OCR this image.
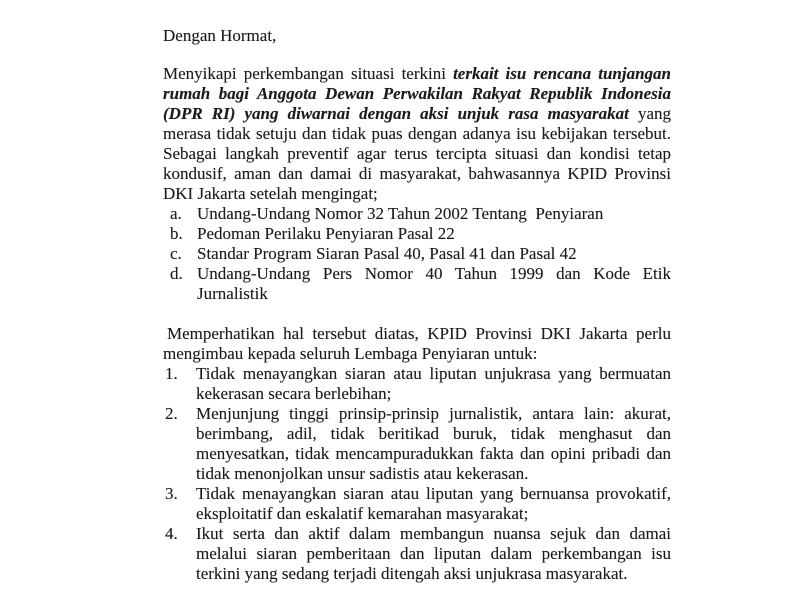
Dengan Hormat,

Menyikapi perkembangan situasi terkini terkait isu rencana tunjangan rumah bagi Anggota Dewan Perwakilan Rakyat Republik Indonesia (DPR RI) yang diwarnai dengan aksi unjuk rasa masyarakat yang merasa tidak setuju dan tidak puas dengan adanya isu kebijakan tersebut. Sebagai langkah preventif agar terus tercipta situasi dan kondisi tetap kondusif, aman dan damai di masyarakat, bahwasannya KPID Provinsi DKI Jakarta setelah mengingat;

a. Undang-Undang Nomor 32 Tahun 2002 Tentang  Penyiaran
b. Pedoman Perilaku Penyiaran Pasal 22
c. Standar Program Siaran Pasal 40, Pasal 41 dan Pasal 42
d. Undang-Undang Pers Nomor 40 Tahun 1999 dan Kode Etik Jurnalistik

Memperhatikan hal tersebut diatas, KPID Provinsi DKI Jakarta perlu mengimbau kepada seluruh Lembaga Penyiaran untuk:

1.	Tidak menayangkan siaran atau liputan unjukrasa yang bermuatan kekerasan secara berlebihan;
2.	Menjunjung tinggi prinsip-prinsip jurnalistik, antara lain: akurat, berimbang, adil, tidak beritikad buruk, tidak menghasut dan menyesatkan, tidak mencampuradukkan fakta dan opini pribadi dan tidak menonjolkan unsur sadistis atau kekerasan.
3.	Tidak menayangkan siaran atau liputan yang bernuansa provokatif, eksploitatif dan eskalatif kemarahan masyarakat;
4.	Ikut serta dan aktif dalam membangun nuansa sejuk dan damai melalui siaran pemberitaan dan liputan dalam perkembangan isu terkini yang sedang terjadi ditengah aksi unjukrasa masyarakat.
